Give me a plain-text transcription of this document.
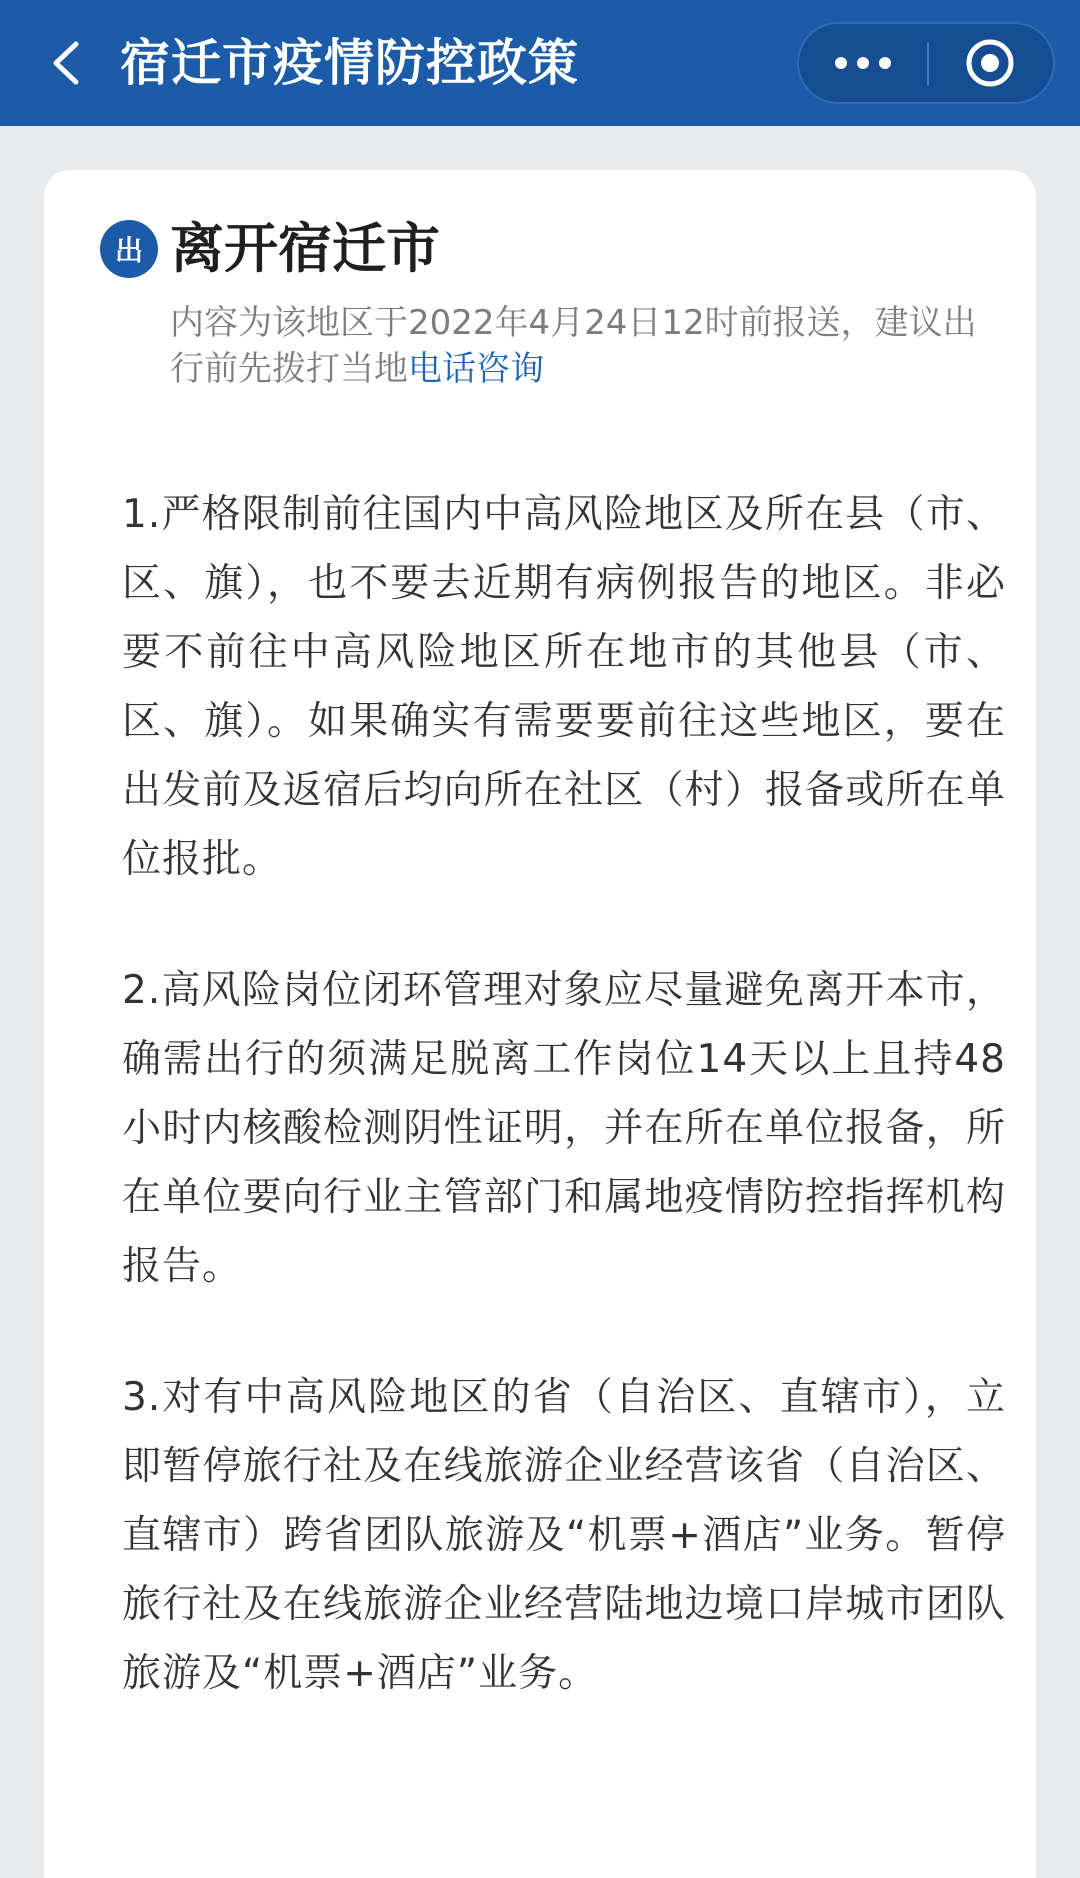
宿迁市疫情防控政策
出 离开宿迁市
内容为该地区于2022年4月24日12时前报送，建议出行前先拨打当地电话咨询

1.严格限制前往国内中高风险地区及所在县（市、区、旗），也不要去近期有病例报告的地区。非必要不前往中高风险地区所在地市的其他县（市、区、旗）。如果确实有需要要前往这些地区，要在出发前及返宿后均向所在社区（村）报备或所在单位报批。

2.高风险岗位闭环管理对象应尽量避免离开本市，确需出行的须满足脱离工作岗位14天以上且持48小时内核酸检测阴性证明，并在所在单位报备，所在单位要向行业主管部门和属地疫情防控指挥机构报告。

3.对有中高风险地区的省（自治区、直辖市），立即暂停旅行社及在线旅游企业经营该省（自治区、直辖市）跨省团队旅游及“机票+酒店”业务。暂停旅行社及在线旅游企业经营陆地边境口岸城市团队旅游及“机票+酒店”业务。
